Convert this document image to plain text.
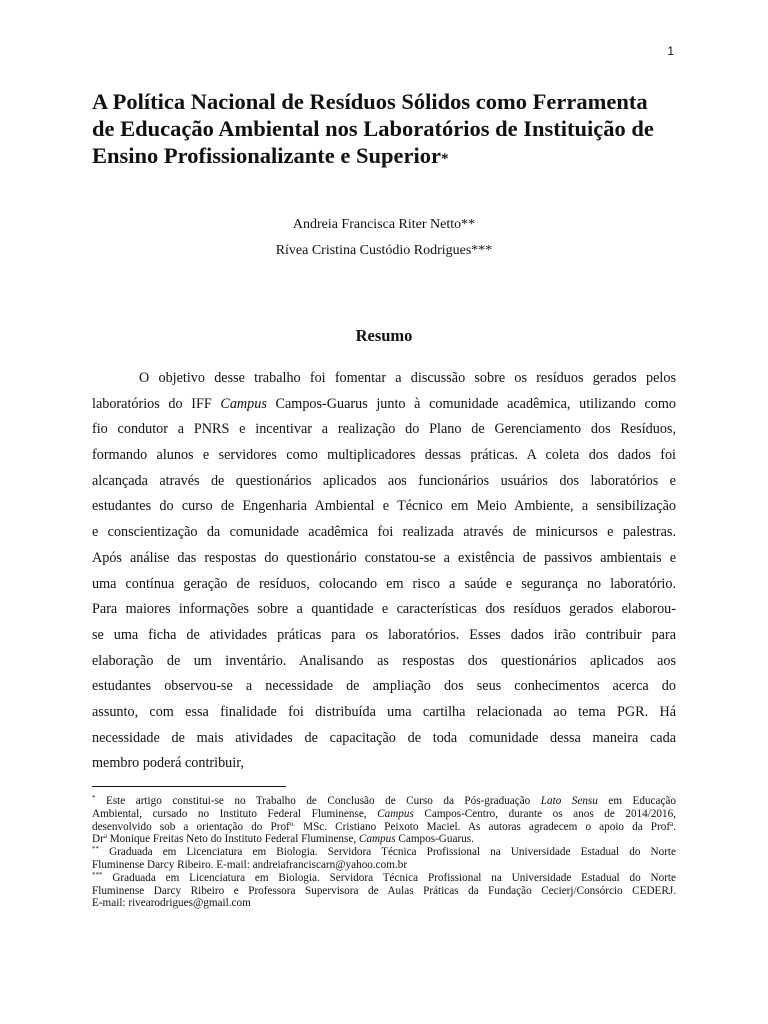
1
A Política Nacional de Resíduos Sólidos como Ferramenta
de Educação Ambiental nos Laboratórios de Instituição de
Ensino Profissionalizante e Superior*
Andreia Francisca Riter Netto**
Rívea Cristina Custódio Rodrigues***
Resumo
O objetivo desse trabalho foi fomentar a discussão sobre os resíduos gerados pelos
laboratórios do IFF Campus Campos-Guarus junto à comunidade acadêmica, utilizando como
fio condutor a PNRS e incentivar a realização do Plano de Gerenciamento dos Resíduos,
formando alunos e servidores como multiplicadores dessas práticas. A coleta dos dados foi
alcançada através de questionários aplicados aos funcionários usuários dos laboratórios e
estudantes do curso de Engenharia Ambiental e Técnico em Meio Ambiente, a sensibilização
e conscientização da comunidade acadêmica foi realizada através de minicursos e palestras.
Após análise das respostas do questionário constatou-se a existência de passivos ambientais e
uma contínua geração de resíduos, colocando em risco a saúde e segurança no laboratório.
Para maiores informações sobre a quantidade e características dos resíduos gerados elaborou-
se uma ficha de atividades práticas para os laboratórios. Esses dados irão contribuir para
elaboração de um inventário. Analisando as respostas dos questionários aplicados aos
estudantes observou-se a necessidade de ampliação dos seus conhecimentos acerca do
assunto, com essa finalidade foi distribuída uma cartilha relacionada ao tema PGR. Há
necessidade de mais atividades de capacitação de toda comunidade dessa maneira cada
membro poderá contribuir,
* Este artigo constitui-se no Trabalho de Conclusão de Curso da Pós-graduação Lato Sensu em Educação
Ambiental, cursado no Instituto Federal Fluminense, Campus Campos-Centro, durante os anos de 2014/2016,
desenvolvido sob a orientação do Prof$^{o.}$ MSc. Cristiano Peixoto Maciel. As autoras agradecem o apoio da Prof$^a$.
Dr$^a$ Monique Freitas Neto do Instituto Federal Fluminense, Campus Campos-Guarus.
** Graduada em Licenciatura em Biologia. Servidora Técnica Profissional na Universidade Estadual do Norte
Fluminense Darcy Ribeiro. E-mail: andreiafranciscarn@yahoo.com.br
*** Graduada em Licenciatura em Biologia. Servidora Técnica Profissional na Universidade Estadual do Norte
Fluminense Darcy Ribeiro e Professora Supervisora de Aulas Práticas da Fundação Cecierj/Consórcio CEDERJ.
E-mail: rivearodrigues@gmail.com
